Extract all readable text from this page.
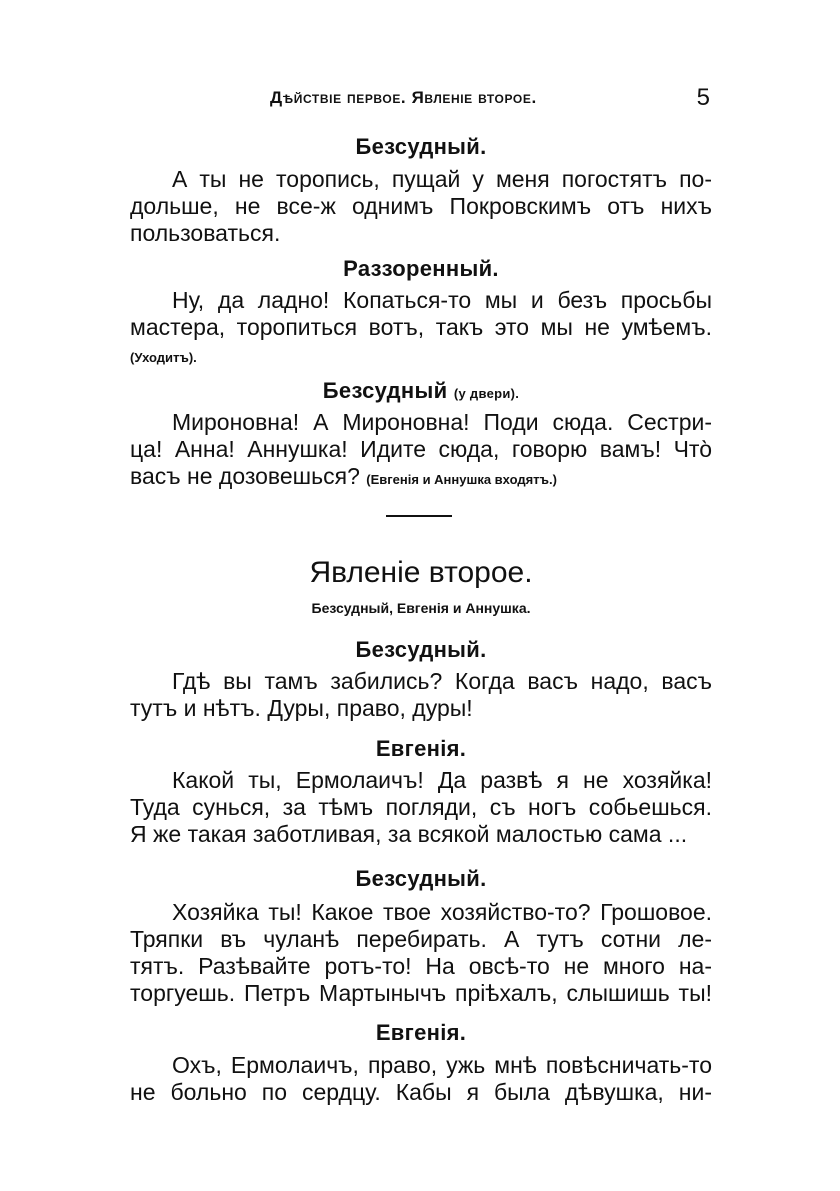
Дѣйствіе первое. Явленіе второе.	5
Безсудный.
А ты не торопись, пущай у меня погостятъ по-
дольше, не все-ж однимъ Покровскимъ отъ нихъ
пользоваться.
Раззоренный.
Ну, да ладно! Копаться-то мы и безъ просьбы
мастера, торопиться вотъ, такъ это мы не умѣемъ.
(Уходитъ).
Безсудный (у двери).
Мироновна! А Мироновна! Поди сюда. Сестри-
ца! Анна! Аннушка! Идите сюда, говорю вамъ! Что̀
васъ не дозовешься? (Евгенія и Аннушка входятъ.)
Явленіе второе.
Безсудный, Евгенія и Аннушка.
Безсудный.
Гдѣ вы тамъ забились? Когда васъ надо, васъ
тутъ и нѣтъ. Дуры, право, дуры!
Евгенія.
Какой ты, Ермолаичъ! Да развѣ я не хозяйка!
Туда сунься, за тѣмъ погляди, съ ногъ собьешься.
Я же такая заботливая, за всякой малостью сама ...
Безсудный.
Хозяйка ты! Какое твое хозяйство-то? Грошовое.
Тряпки въ чуланѣ перебирать. А тутъ сотни ле-
тятъ. Разѣвайте ротъ-то! На овсѣ-то не много на-
торгуешь. Петръ Мартынычъ пріѣхалъ, слышишь ты!
Евгенія.
Охъ, Ермолаичъ, право, ужь мнѣ повѣсничать-то
не больно по сердцу. Кабы я была дѣвушка, ни-
